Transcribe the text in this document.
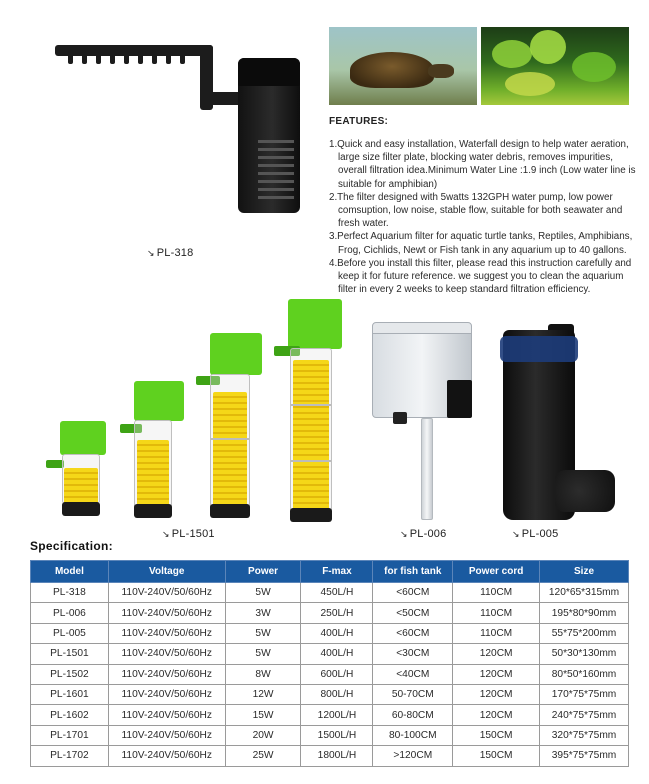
↘ PL-318
FEATURES:

1.Quick and easy installation, Waterfall design to help water aeration, large size filter plate, blocking water debris, removes impurities, overall filtration idea.Minimum Water Line :1.9 inch (Low water line is suitable for amphibian)

2.The filter designed with 5watts 132GPH water pump, low power comsuption, low noise, stable flow, suitable for both seawater and fresh water.

3.Perfect Aquarium filter for aquatic turtle tanks, Reptiles, Amphibians, Frog, Cichlids, Newt or Fish tank in any aquarium up to 40 gallons.

4.Before you install this filter, please read this instruction carefully and keep it for future reference. we suggest you to clean the aquarium filter in every 2 weeks to keep standard filtration efficiency.

↘ PL-1501	↘ PL-006	↘ PL-005
Specification:
Model	Voltage	Power	F-max	for fish tank	Power cord	Size
PL-318	110V-240V/50/60Hz	5W	450L/H	<60CM	110CM	120*65*315mm
PL-006	110V-240V/50/60Hz	3W	250L/H	<50CM	110CM	195*80*90mm
PL-005	110V-240V/50/60Hz	5W	400L/H	<60CM	110CM	55*75*200mm
PL-1501	110V-240V/50/60Hz	5W	400L/H	<30CM	120CM	50*30*130mm
PL-1502	110V-240V/50/60Hz	8W	600L/H	<40CM	120CM	80*50*160mm
PL-1601	110V-240V/50/60Hz	12W	800L/H	50-70CM	120CM	170*75*75mm
PL-1602	110V-240V/50/60Hz	15W	1200L/H	60-80CM	120CM	240*75*75mm
PL-1701	110V-240V/50/60Hz	20W	1500L/H	80-100CM	150CM	320*75*75mm
PL-1702	110V-240V/50/60Hz	25W	1800L/H	>120CM	150CM	395*75*75mm
